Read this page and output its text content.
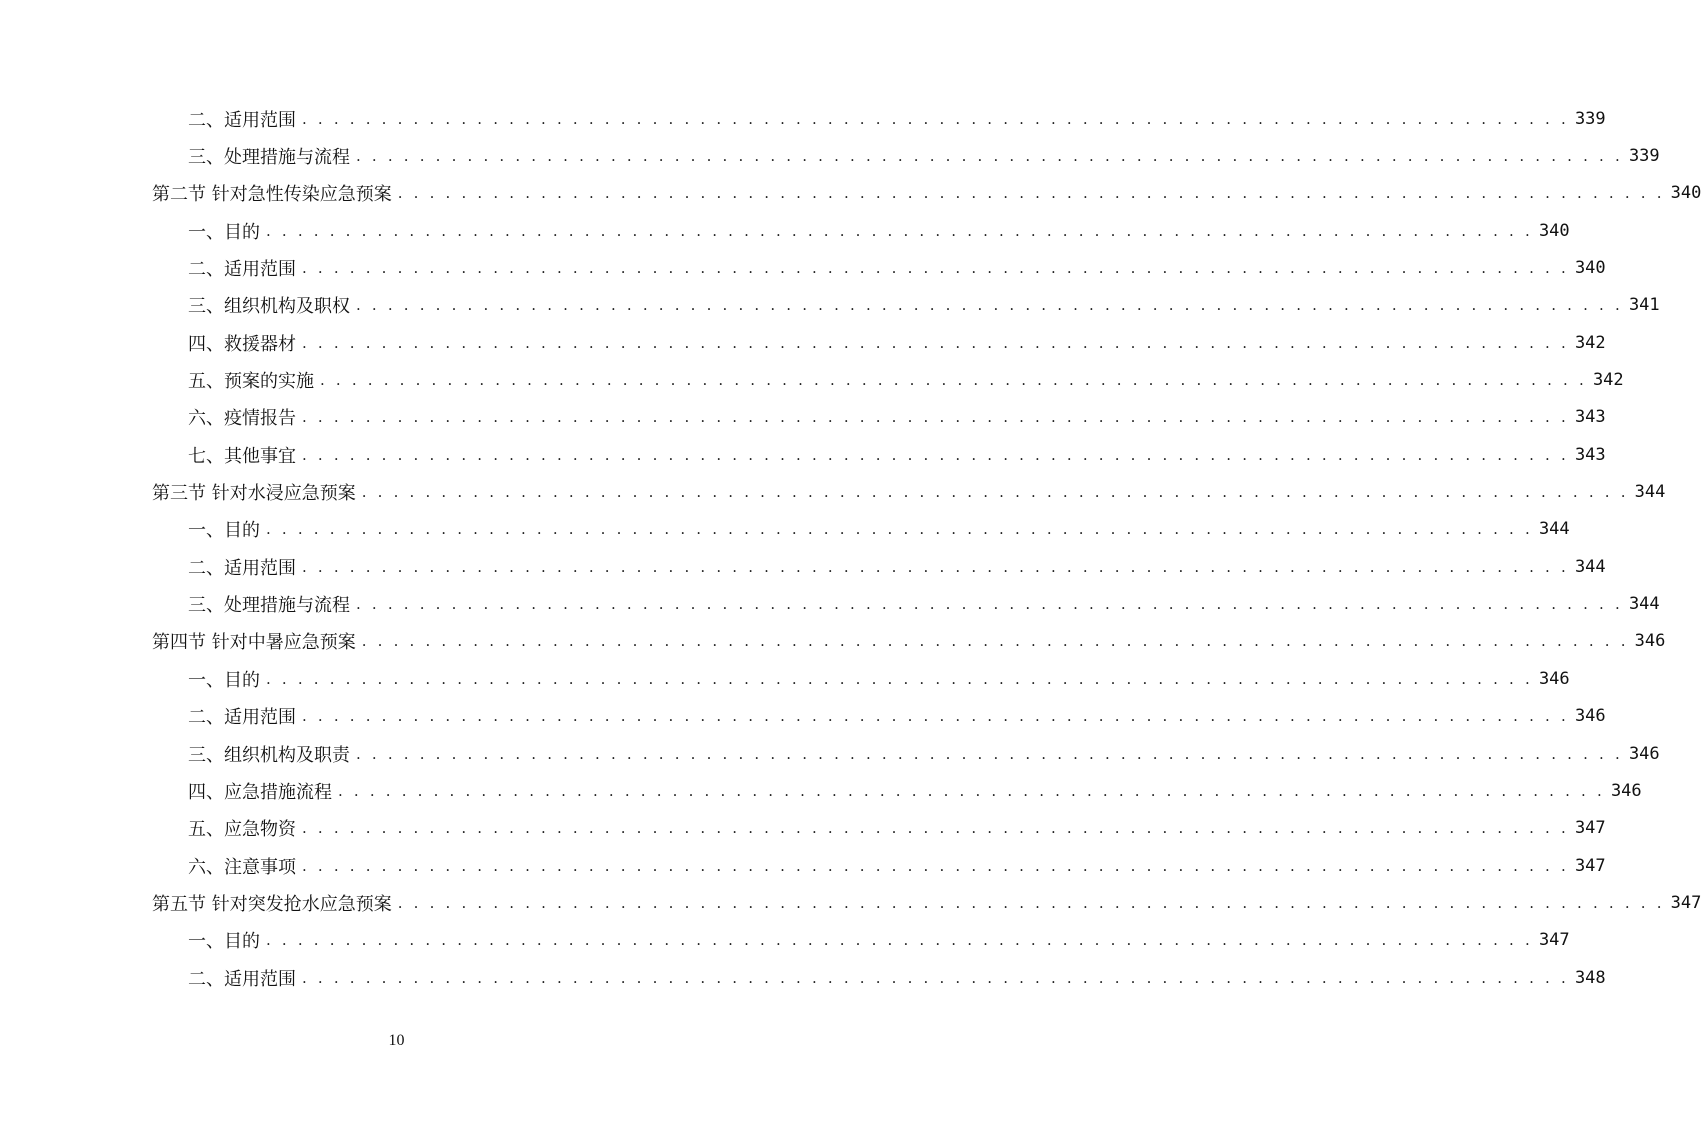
二、适用范围 . . . . . . . . . . . . . . . . . . . . . . . . . . . . . . . . . . . . . . . . . . . . . . . . . . . . . . . . . . . . . . . . . . . . . . . . . . . . . . . . 339
三、处理措施与流程 . . . . . . . . . . . . . . . . . . . . . . . . . . . . . . . . . . . . . . . . . . . . . . . . . . . . . . . . . . . . . . . . . . . . . . . . . . . . . . . . 339
第二节 针对急性传染应急预案 . . . . . . . . . . . . . . . . . . . . . . . . . . . . . . . . . . . . . . . . . . . . . . . . . . . . . . . . . . . . . . . . . . . . . . . . . . . . . . . . 340
一、目的 . . . . . . . . . . . . . . . . . . . . . . . . . . . . . . . . . . . . . . . . . . . . . . . . . . . . . . . . . . . . . . . . . . . . . . . . . . . . . . . . 340
二、适用范围 . . . . . . . . . . . . . . . . . . . . . . . . . . . . . . . . . . . . . . . . . . . . . . . . . . . . . . . . . . . . . . . . . . . . . . . . . . . . . . . . 340
三、组织机构及职权 . . . . . . . . . . . . . . . . . . . . . . . . . . . . . . . . . . . . . . . . . . . . . . . . . . . . . . . . . . . . . . . . . . . . . . . . . . . . . . . . 341
四、救援器材 . . . . . . . . . . . . . . . . . . . . . . . . . . . . . . . . . . . . . . . . . . . . . . . . . . . . . . . . . . . . . . . . . . . . . . . . . . . . . . . . 342
五、预案的实施 . . . . . . . . . . . . . . . . . . . . . . . . . . . . . . . . . . . . . . . . . . . . . . . . . . . . . . . . . . . . . . . . . . . . . . . . . . . . . . . . 342
六、疫情报告 . . . . . . . . . . . . . . . . . . . . . . . . . . . . . . . . . . . . . . . . . . . . . . . . . . . . . . . . . . . . . . . . . . . . . . . . . . . . . . . . 343
七、其他事宜 . . . . . . . . . . . . . . . . . . . . . . . . . . . . . . . . . . . . . . . . . . . . . . . . . . . . . . . . . . . . . . . . . . . . . . . . . . . . . . . . 343
第三节 针对水浸应急预案 . . . . . . . . . . . . . . . . . . . . . . . . . . . . . . . . . . . . . . . . . . . . . . . . . . . . . . . . . . . . . . . . . . . . . . . . . . . . . . . . 344
一、目的 . . . . . . . . . . . . . . . . . . . . . . . . . . . . . . . . . . . . . . . . . . . . . . . . . . . . . . . . . . . . . . . . . . . . . . . . . . . . . . . . 344
二、适用范围 . . . . . . . . . . . . . . . . . . . . . . . . . . . . . . . . . . . . . . . . . . . . . . . . . . . . . . . . . . . . . . . . . . . . . . . . . . . . . . . . 344
三、处理措施与流程 . . . . . . . . . . . . . . . . . . . . . . . . . . . . . . . . . . . . . . . . . . . . . . . . . . . . . . . . . . . . . . . . . . . . . . . . . . . . . . . . 344
第四节 针对中暑应急预案 . . . . . . . . . . . . . . . . . . . . . . . . . . . . . . . . . . . . . . . . . . . . . . . . . . . . . . . . . . . . . . . . . . . . . . . . . . . . . . . . 346
一、目的 . . . . . . . . . . . . . . . . . . . . . . . . . . . . . . . . . . . . . . . . . . . . . . . . . . . . . . . . . . . . . . . . . . . . . . . . . . . . . . . . 346
二、适用范围 . . . . . . . . . . . . . . . . . . . . . . . . . . . . . . . . . . . . . . . . . . . . . . . . . . . . . . . . . . . . . . . . . . . . . . . . . . . . . . . . 346
三、组织机构及职责 . . . . . . . . . . . . . . . . . . . . . . . . . . . . . . . . . . . . . . . . . . . . . . . . . . . . . . . . . . . . . . . . . . . . . . . . . . . . . . . . 346
四、应急措施流程 . . . . . . . . . . . . . . . . . . . . . . . . . . . . . . . . . . . . . . . . . . . . . . . . . . . . . . . . . . . . . . . . . . . . . . . . . . . . . . . . 346
五、应急物资 . . . . . . . . . . . . . . . . . . . . . . . . . . . . . . . . . . . . . . . . . . . . . . . . . . . . . . . . . . . . . . . . . . . . . . . . . . . . . . . . 347
六、注意事项 . . . . . . . . . . . . . . . . . . . . . . . . . . . . . . . . . . . . . . . . . . . . . . . . . . . . . . . . . . . . . . . . . . . . . . . . . . . . . . . . 347
第五节 针对突发抢水应急预案 . . . . . . . . . . . . . . . . . . . . . . . . . . . . . . . . . . . . . . . . . . . . . . . . . . . . . . . . . . . . . . . . . . . . . . . . . . . . . . . . 347
一、目的 . . . . . . . . . . . . . . . . . . . . . . . . . . . . . . . . . . . . . . . . . . . . . . . . . . . . . . . . . . . . . . . . . . . . . . . . . . . . . . . . 347
二、适用范围 . . . . . . . . . . . . . . . . . . . . . . . . . . . . . . . . . . . . . . . . . . . . . . . . . . . . . . . . . . . . . . . . . . . . . . . . . . . . . . . . 348
10
